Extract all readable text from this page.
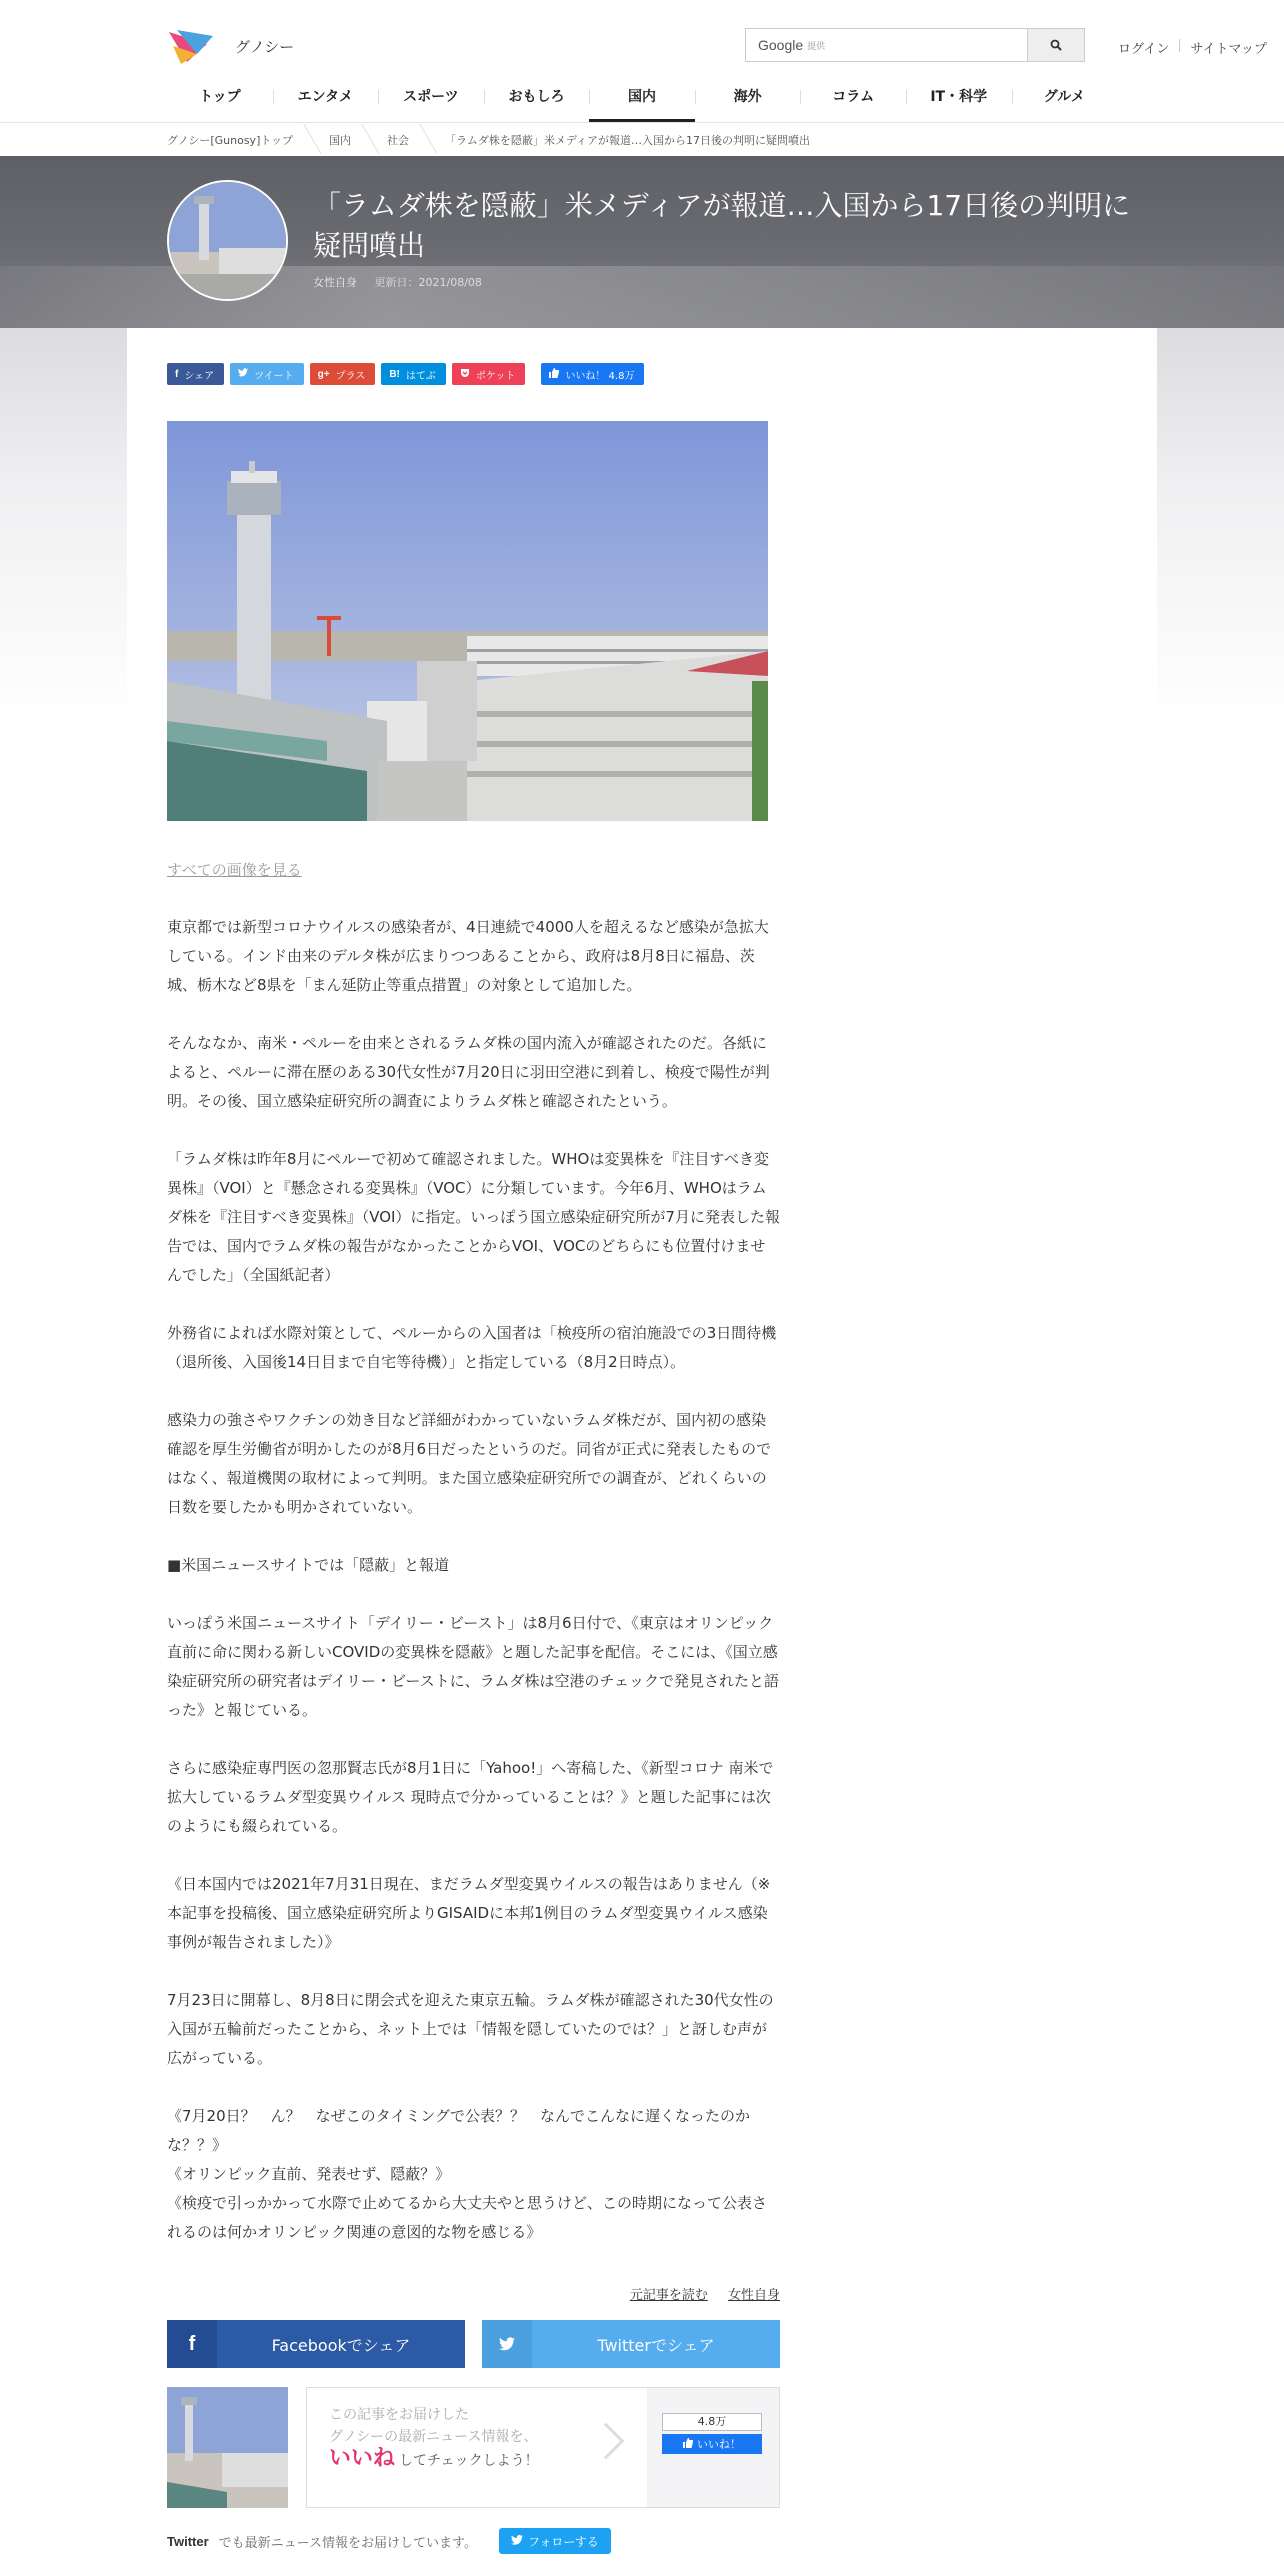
グノシー	Google 提供	ログイン サイトマップ
トップ	エンタメ	スポーツ	おもしろ	国内	海外	コラム	IT・科学	グルメ
グノシー[Gunosy]トップ	国内	社会	「ラムダ株を隠蔽」米メディアが報道…入国から17日後の判明に疑問噴出
「ラムダ株を隠蔽」米メディアが報道…入国から17日後の判明に疑問噴出
女性自身 更新日：2021/08/08
f シェア	ツイート g+ プラス B! はてぶ	ポケット	いいね！ 4.8万
すべての画像を見る

東京都では新型コロナウイルスの感染者が、4日連続で4000人を超えるなど感染が急拡大している。インド由来のデルタ株が広まりつつあることから、政府は8月8日に福島、茨城、栃木など8県を「まん延防止等重点措置」の対象として追加した。

そんななか、南米・ペルーを由来とされるラムダ株の国内流入が確認されたのだ。各紙によると、ペルーに滞在歴のある30代女性が7月20日に羽田空港に到着し、検疫で陽性が判明。その後、国立感染症研究所の調査によりラムダ株と確認されたという。

「ラムダ株は昨年8月にペルーで初めて確認されました。WHOは変異株を『注目すべき変異株』（VOI）と『懸念される変異株』（VOC）に分類しています。今年6月、WHOはラムダ株を『注目すべき変異株』（VOI）に指定。いっぽう国立感染症研究所が7月に発表した報告では、国内でラムダ株の報告がなかったことからVOI、VOCのどちらにも位置付けませんでした」（全国紙記者）

外務省によれば水際対策として、ペルーからの入国者は「検疫所の宿泊施設での3日間待機（退所後、入国後14日目まで自宅等待機）」と指定している（8月2日時点）。

感染力の強さやワクチンの効き目など詳細がわかっていないラムダ株だが、国内初の感染確認を厚生労働省が明かしたのが8月6日だったというのだ。同省が正式に発表したものではなく、報道機関の取材によって判明。また国立感染症研究所での調査が、どれくらいの日数を要したかも明かされていない。

■米国ニュースサイトでは「隠蔽」と報道

いっぽう米国ニュースサイト「デイリー・ビースト」は8月6日付で、《東京はオリンピック直前に命に関わる新しいCOVIDの変異株を隠蔽》と題した記事を配信。そこには、《国立感染症研究所の研究者はデイリー・ビーストに、ラムダ株は空港のチェックで発見されたと語った》と報じている。

さらに感染症専門医の忽那賢志氏が8月1日に「Yahoo!」へ寄稿した、《新型コロナ 南米で拡大しているラムダ型変異ウイルス 現時点で分かっていることは？》と題した記事には次のようにも綴られている。

《日本国内では2021年7月31日現在、まだラムダ型変異ウイルスの報告はありません（※本記事を投稿後、国立感染症研究所よりGISAIDに本邦1例目のラムダ型変異ウイルス感染事例が報告されました）》

7月23日に開幕し、8月8日に閉会式を迎えた東京五輪。ラムダ株が確認された30代女性の入国が五輪前だったことから、ネット上では「情報を隠していたのでは？」と訝しむ声が広がっている。

《7月20日？　ん？　なぜこのタイミングで公表？？　なんでこんなに遅くなったのかな？？》
《オリンピック直前、発表せず、隠蔽？》
《検疫で引っかかって水際で止めてるから大丈夫やと思うけど、この時期になって公表されるのは何かオリンピック関連の意図的な物を感じる》
元記事を読む 女性自身
f	Facebookでシェア	Twitterでシェア
この記事をお届けした
グノシーの最新ニュース情報を、
いいね してチェックしよう！
4.8万
いいね！
Twitter でも最新ニュース情報をお届けしています。	フォローする
